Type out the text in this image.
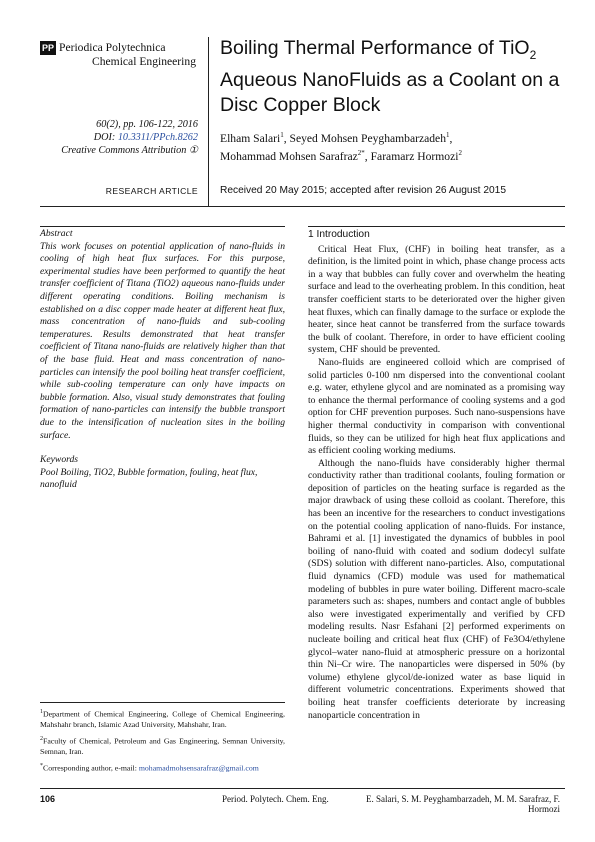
PP Periodica Polytechnica
Chemical Engineering
Boiling Thermal Performance of TiO$_2$
Aqueous NanoFluids as a Coolant on a Disc Copper Block
60(2), pp. 106-122, 2016
DOI: 10.3311/PPch.8262
Creative Commons Attribution ①
Elham Salari$^1$, Seyed Mohsen Peyghambarzadeh$^1$,
Mohammad Mohsen Sarafraz$^{2*}$, Faramarz Hormozi$^2$
RESEARCH ARTICLE Received 20 May 2015; accepted after revision 26 August 2015
Abstract
This work focuses on potential application of nano-fluids in cooling of high heat flux surfaces. For this purpose, experimental studies have been performed to quantify the heat transfer coefficient of Titana (TiO2) aqueous nano-fluids under different operating conditions. Boiling mechanism is established on a disc copper made heater at different heat flux, mass concentration of nano-fluids and sub-cooling temperatures. Results demonstrated that heat transfer coefficient of Titana nano-fluids are relatively higher than that of the base fluid. Heat and mass concentration of nano-particles can intensify the pool boiling heat transfer coefficient, while sub-cooling temperature can only have impacts on bubble formation. Also, visual study demonstrates that fouling formation of nano-particles can intensify the bubble transport due to the intensification of nucleation sites in the boiling surface.
Keywords
Pool Boiling, TiO2, Bubble formation, fouling, heat flux, nanofluid

$^1$Department of Chemical Engineering, College of Chemical Engineering, Mahshahr branch, Islamic Azad University, Mahshahr, Iran.

$^2$Faculty of Chemical, Petroleum and Gas Engineering, Semnan University, Semnan, Iran.

*Corresponding author, e-mail: mohamadmohsensarafraz@gmail.com

1 Introduction

Critical Heat Flux, (CHF) in boiling heat transfer, as a definition, is the limited point in which, phase change process acts in a way that bubbles can fully cover and overwhelm the heating surface and lead to the overheating problem. In this condition, heat transfer coefficient starts to be deteriorated over the higher given heat fluxes, which can finally damage to the surface or explode the heater, since heat cannot be transferred from the surface towards the bulk of coolant. Therefore, in order to have efficient cooling system, CHF should be prevented.

Nano-fluids are engineered colloid which are comprised of solid particles 0-100 nm dispersed into the conventional coolant e.g. water, ethylene glycol and are nominated as a promising way to enhance the thermal performance of cooling systems and a god option for CHF prevention purposes. Such nano-suspensions have higher thermal conductivity in comparison with conventional fluids, so they can be utilized for high heat flux applications and as efficient cooling working mediums.

Although the nano-fluids have considerably higher thermal conductivity rather than traditional coolants, fouling formation or deposition of particles on the heating surface is regarded as the major drawback of using these colloid as coolant. Therefore, this has been an incentive for the researchers to conduct investigations on the potential cooling application of nano-fluids. For instance, Bahrami et al. [1] investigated the dynamics of bubbles in pool boiling of nano-fluid with coated and sodium dodecyl sulfate (SDS) solution with different nano-particles. Also, computational fluid dynamics (CFD) module was used for mathematical modeling of bubbles in pure water boiling. Different macro-scale parameters such as: shapes, numbers and contact angle of bubbles also were investigated experimentally and verified by CFD modeling results. Nasr Esfahani [2] performed experiments on nucleate boiling and critical heat flux (CHF) of Fe3O4/ethylene glycol–water nano-fluid at atmospheric pressure on a horizontal thin Ni–Cr wire. The nanoparticles were dispersed in 50% (by volume) ethylene glycol/de-ionized water as base liquid in different volumetric concentrations. Experiments showed that boiling heat transfer coefficients deteriorate by increasing nanoparticle concentration in

106	Period. Polytech. Chem. Eng.	E. Salari, S. M. Peyghambarzadeh, M. M. Sarafraz, F. Hormozi
